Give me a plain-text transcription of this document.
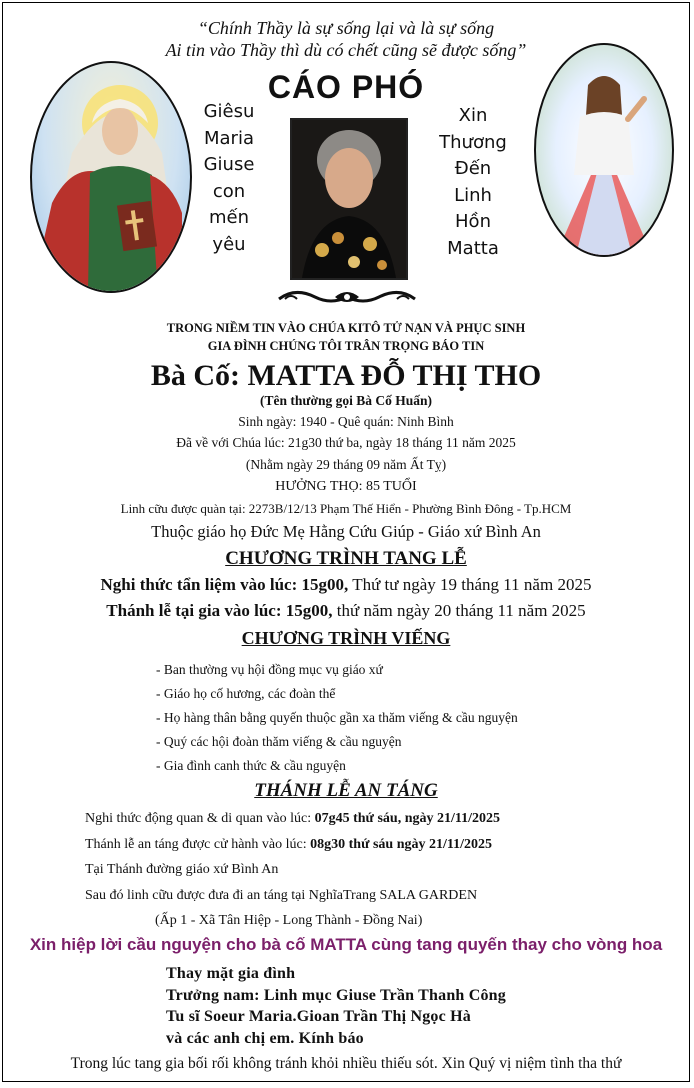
“Chính Thầy là sự sống lại và là sự sống
Ai tin vào Thầy thì dù có chết cũng sẽ được sống”
CÁO PHÓ
Giêsu
Maria
Giuse
con
mến
yêu
Xin
Thương
Đến
Linh
Hồn
Matta
TRONG NIỀM TIN VÀO CHÚA KITÔ TỬ NẠN VÀ PHỤC SINH
GIA ĐÌNH CHÚNG TÔI TRÂN TRỌNG BÁO TIN
Bà Cố: MATTA ĐỖ THỊ THO
(Tên thường gọi Bà Cố Huấn)
Sinh ngày: 1940 - Quê quán: Ninh Bình
Đã về với Chúa lúc: 21g30 thứ ba, ngày 18 tháng 11 năm 2025
(Nhằm ngày 29 tháng 09 năm Ất Tỵ)
HƯỞNG THỌ: 85 TUỔI
Linh cữu được quàn tại: 2273B/12/13 Phạm Thế Hiển - Phường Bình Đông - Tp.HCM
Thuộc giáo họ Đức Mẹ Hằng Cứu Giúp - Giáo xứ Bình An
CHƯƠNG TRÌNH TANG LỄ
Nghi thức tẩn liệm vào lúc: 15g00, Thứ tư ngày 19 tháng 11 năm 2025
Thánh lễ tại gia vào lúc: 15g00, thứ năm ngày 20 tháng 11 năm 2025
CHƯƠNG TRÌNH VIẾNG
- Ban thường vụ hội đồng mục vụ giáo xứ
- Giáo họ cố hương, các đoàn thể
- Họ hàng thân bằng quyến thuộc gần xa thăm viếng & cầu nguyện
- Quý các hội đoàn thăm viếng & cầu nguyện
- Gia đình canh thức & cầu nguyện
THÁNH LỄ AN TÁNG
Nghi thức động quan & di quan vào lúc: 07g45 thứ sáu, ngày 21/11/2025
Thánh lễ an táng được cử hành vào lúc: 08g30 thứ sáu ngày 21/11/2025
Tại Thánh đường giáo xứ Bình An
Sau đó linh cữu được đưa đi an táng tại NghĩaTrang SALA GARDEN
(Ấp 1 - Xã Tân Hiệp - Long Thành - Đồng Nai)
Xin hiệp lời cầu nguyện cho bà cố MATTA cùng tang quyến thay cho vòng hoa
Thay mặt gia đình
Trưởng nam: Linh mục Giuse Trần Thanh Công
Tu sĩ Soeur Maria.Gioan Trần Thị Ngọc Hà
và các anh chị em. Kính báo
Trong lúc tang gia bối rối không tránh khỏi nhiều thiếu sót. Xin Quý vị niệm tình tha thứ
